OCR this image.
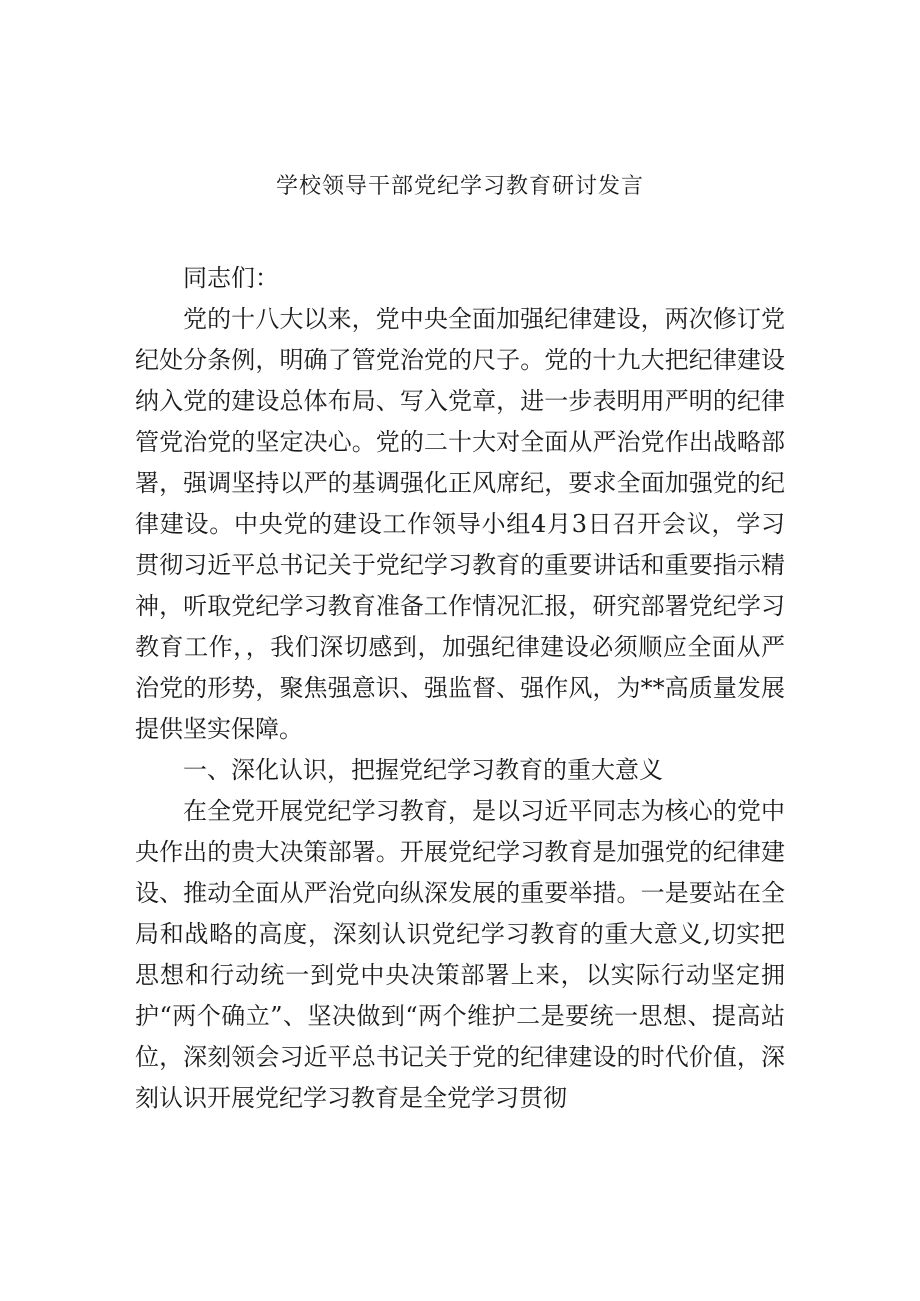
学校领导干部党纪学习教育研讨发言

同志们：

党的十八大以来，党中央全面加强纪律建设，两次修订党纪处分条例，明确了管党治党的尺子。党的十九大把纪律建设纳入党的建设总体布局、写入党章，进一步表明用严明的纪律管党治党的坚定决心。党的二十大对全面从严治党作出战略部署，强调坚持以严的基调强化正风席纪，要求全面加强党的纪律建设。中央党的建设工作领导小组4月3日召开会议，学习贯彻习近平总书记关于党纪学习教育的重要讲话和重要指示精神，听取党纪学习教育准备工作情况汇报，研究部署党纪学习教育工作，，我们深切感到，加强纪律建设必须顺应全面从严治党的形势，聚焦强意识、强监督、强作风，为**高质量发展提供坚实保障。

一、深化认识，把握党纪学习教育的重大意义

在全党开展党纪学习教育，是以习近平同志为核心的党中央作出的贵大决策部署。开展党纪学习教育是加强党的纪律建设、推动全面从严治党向纵深发展的重要举措。一是要站在全局和战略的高度，深刻认识党纪学习教育的重大意义,切实把思想和行动统一到党中央决策部署上来，以实际行动坚定拥护“两个确立”、坚决做到“两个维护二是要统一思想、提高站位，深刻领会习近平总书记关于党的纪律建设的时代价值，深刻认识开展党纪学习教育是全党学习贯彻
